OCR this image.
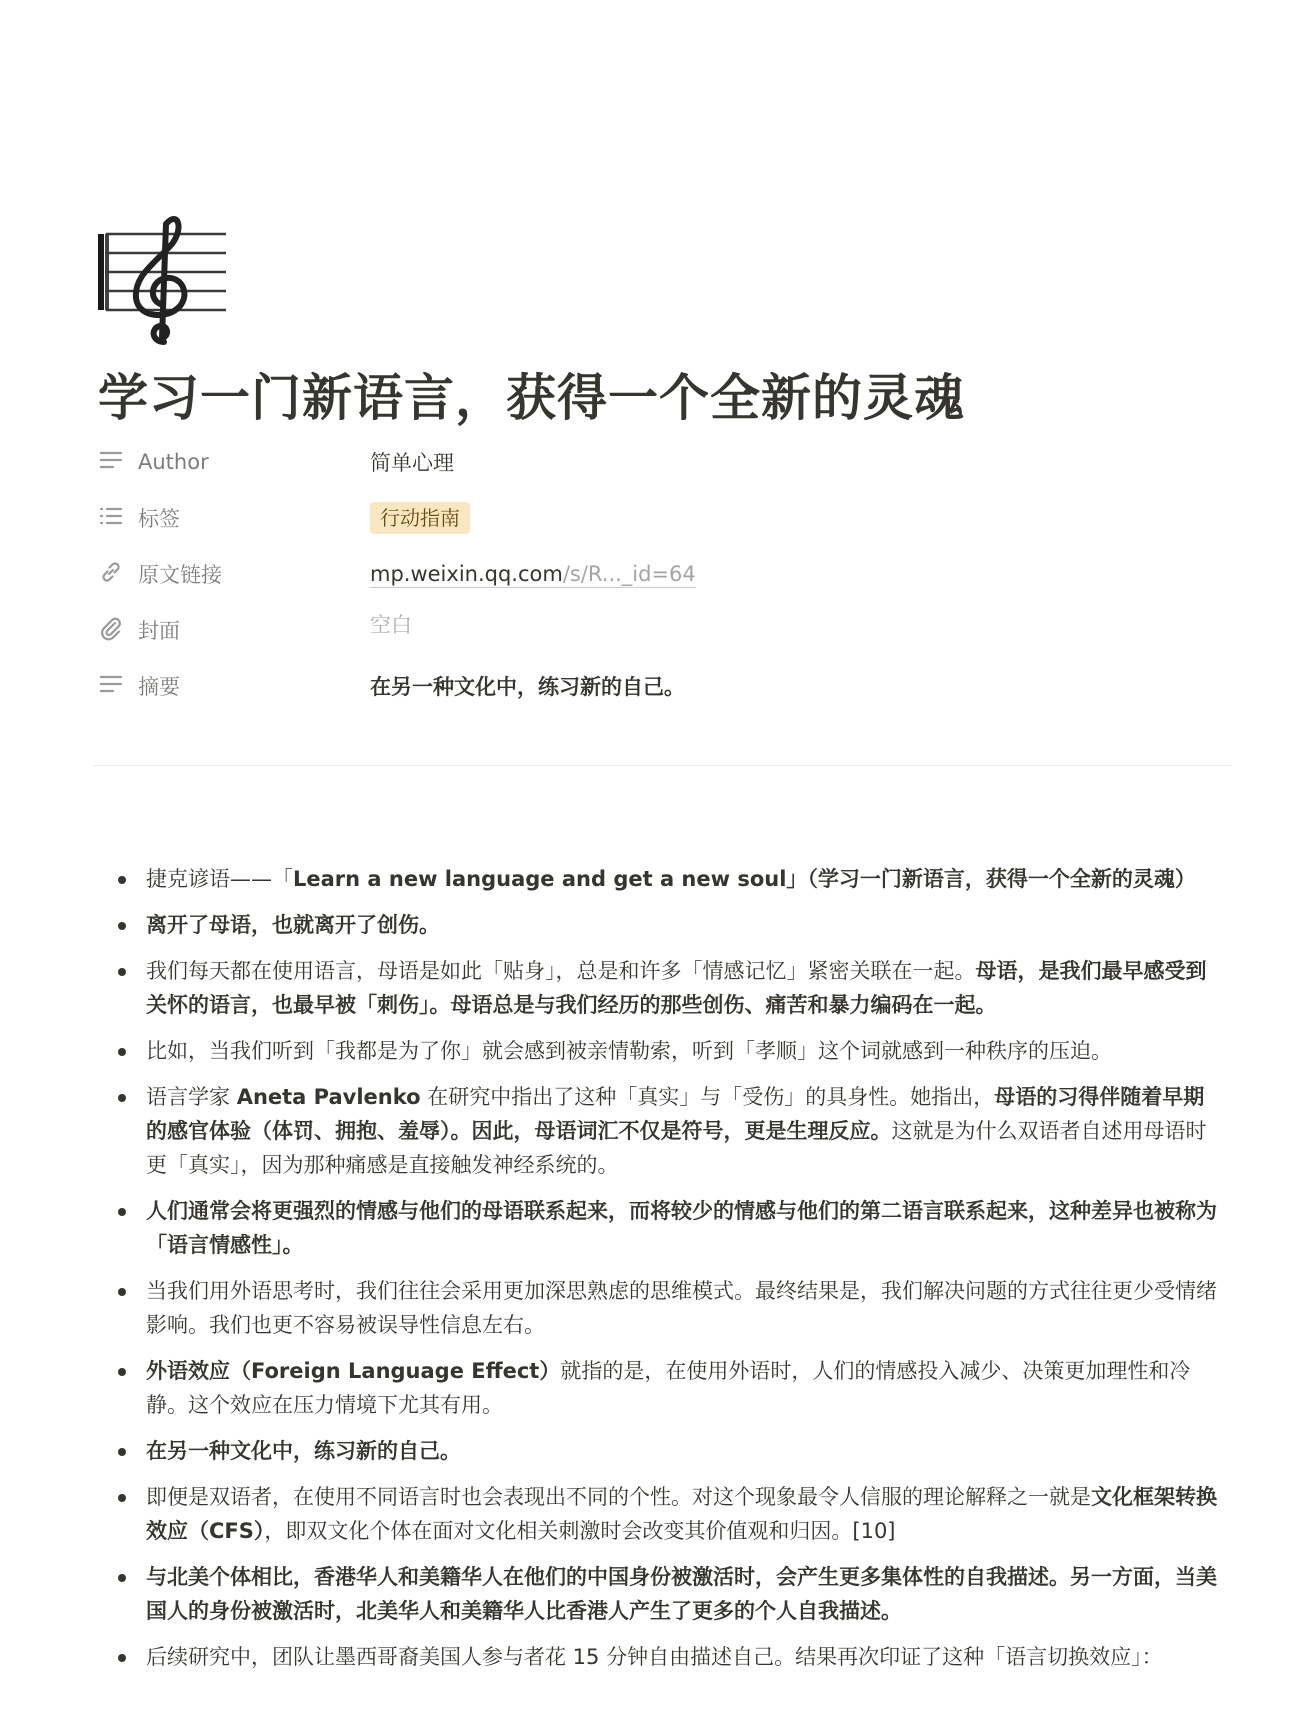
学习一门新语言，获得一个全新的灵魂
Author	简单心理
标签	行动指南
原文链接	mp.weixin.qq.com/s/R..._id=64
封面	空白
摘要	在另一种文化中，练习新的自己。
捷克谚语——「Learn a new language and get a new soul」（学习一门新语言，获得一个全新的灵魂）
离开了母语，也就离开了创伤。
我们每天都在使用语言，母语是如此「贴身」，总是和许多「情感记忆」紧密关联在一起。母语，是我们最早感受到关怀的语言，也最早被「刺伤」。母语总是与我们经历的那些创伤、痛苦和暴力编码在一起。
比如，当我们听到「我都是为了你」就会感到被亲情勒索，听到「孝顺」这个词就感到一种秩序的压迫。
语言学家 Aneta Pavlenko 在研究中指出了这种「真实」与「受伤」的具身性。她指出，母语的习得伴随着早期的感官体验（体罚、拥抱、羞辱）。因此，母语词汇不仅是符号，更是生理反应。这就是为什么双语者自述用母语时更「真实」，因为那种痛感是直接触发神经系统的。
人们通常会将更强烈的情感与他们的母语联系起来，而将较少的情感与他们的第二语言联系起来，这种差异也被称为「语言情感性」。
当我们用外语思考时，我们往往会采用更加深思熟虑的思维模式。最终结果是，我们解决问题的方式往往更少受情绪影响。我们也更不容易被误导性信息左右。
外语效应（Foreign Language Effect）就指的是，在使用外语时，人们的情感投入减少、决策更加理性和冷静。这个效应在压力情境下尤其有用。
在另一种文化中，练习新的自己。
即便是双语者，在使用不同语言时也会表现出不同的个性。对这个现象最令人信服的理论解释之一就是文化框架转换效应（CFS），即双文化个体在面对文化相关刺激时会改变其价值观和归因。[10]
与北美个体相比，香港华人和美籍华人在他们的中国身份被激活时，会产生更多集体性的自我描述。另一方面，当美国人的身份被激活时，北美华人和美籍华人比香港人产生了更多的个人自我描述。
后续研究中，团队让墨西哥裔美国人参与者花 15 分钟自由描述自己。结果再次印证了这种「语言切换效应」：
